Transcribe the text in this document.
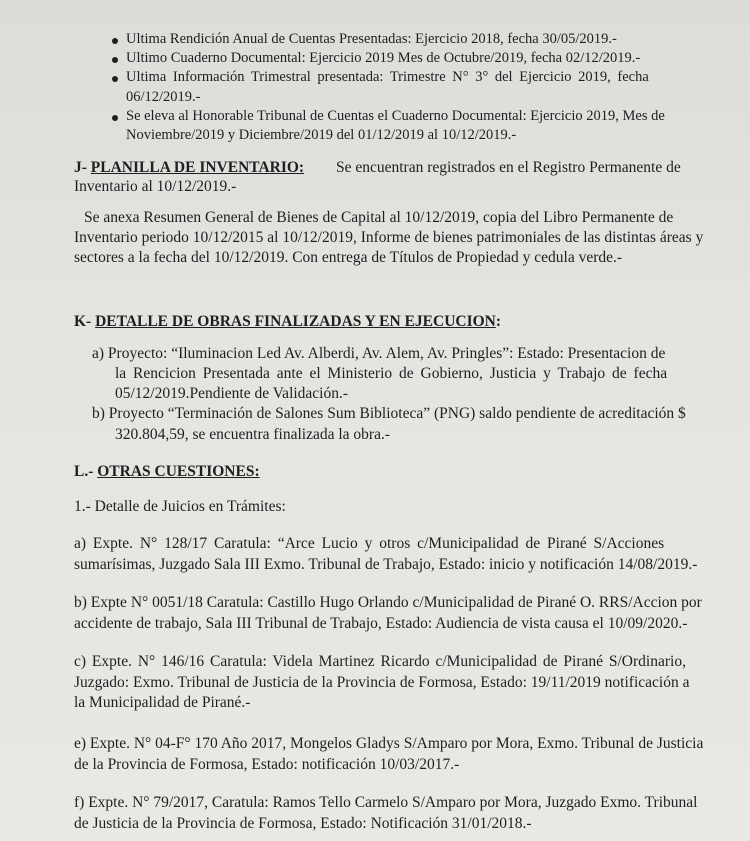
Ultima Rendición Anual de Cuentas Presentadas: Ejercicio 2018, fecha 30/05/2019.-
Ultimo Cuaderno Documental: Ejercicio 2019 Mes de Octubre/2019, fecha 02/12/2019.-
Ultima Información Trimestral presentada: Trimestre N° 3° del Ejercicio 2019, fecha
06/12/2019.-
Se eleva al Honorable Tribunal de Cuentas el Cuaderno Documental: Ejercicio 2019, Mes de
Noviembre/2019 y Diciembre/2019 del 01/12/2019 al 10/12/2019.-
J- PLANILLA DE INVENTARIO: Se encuentran registrados en el Registro Permanente de
Inventario al 10/12/2019.-
Se anexa Resumen General de Bienes de Capital al 10/12/2019, copia del Libro Permanente de
Inventario periodo 10/12/2015 al 10/12/2019, Informe de bienes patrimoniales de las distintas áreas y
sectores a la fecha del 10/12/2019. Con entrega de Títulos de Propiedad y cedula verde.-
K- DETALLE DE OBRAS FINALIZADAS Y EN EJECUCION:
a) Proyecto: “Iluminacion Led Av. Alberdi, Av. Alem, Av. Pringles”: Estado: Presentacion de
la Rencicion Presentada ante el Ministerio de Gobierno, Justicia y Trabajo de fecha
05/12/2019.Pendiente de Validación.-
b) Proyecto “Terminación de Salones Sum Biblioteca” (PNG) saldo pendiente de acreditación $
320.804,59, se encuentra finalizada la obra.-
L.- OTRAS CUESTIONES:
1.- Detalle de Juicios en Trámites:
a) Expte. N° 128/17 Caratula: “Arce Lucio y otros c/Municipalidad de Pirané S/Acciones
sumarísimas, Juzgado Sala III Exmo. Tribunal de Trabajo, Estado: inicio y notificación 14/08/2019.-
b) Expte N° 0051/18 Caratula: Castillo Hugo Orlando c/Municipalidad de Pirané O. RRS/Accion por
accidente de trabajo, Sala III Tribunal de Trabajo, Estado: Audiencia de vista causa el 10/09/2020.-
c) Expte. N° 146/16 Caratula: Videla Martinez Ricardo c/Municipalidad de Pirané S/Ordinario,
Juzgado: Exmo. Tribunal de Justicia de la Provincia de Formosa, Estado: 19/11/2019 notificación a
la Municipalidad de Pirané.-
e) Expte. N° 04-F° 170 Año 2017, Mongelos Gladys S/Amparo por Mora, Exmo. Tribunal de Justicia
de la Provincia de Formosa, Estado: notificación 10/03/2017.-
f) Expte. N° 79/2017, Caratula: Ramos Tello Carmelo S/Amparo por Mora, Juzgado Exmo. Tribunal
de Justicia de la Provincia de Formosa, Estado: Notificación 31/01/2018.-
